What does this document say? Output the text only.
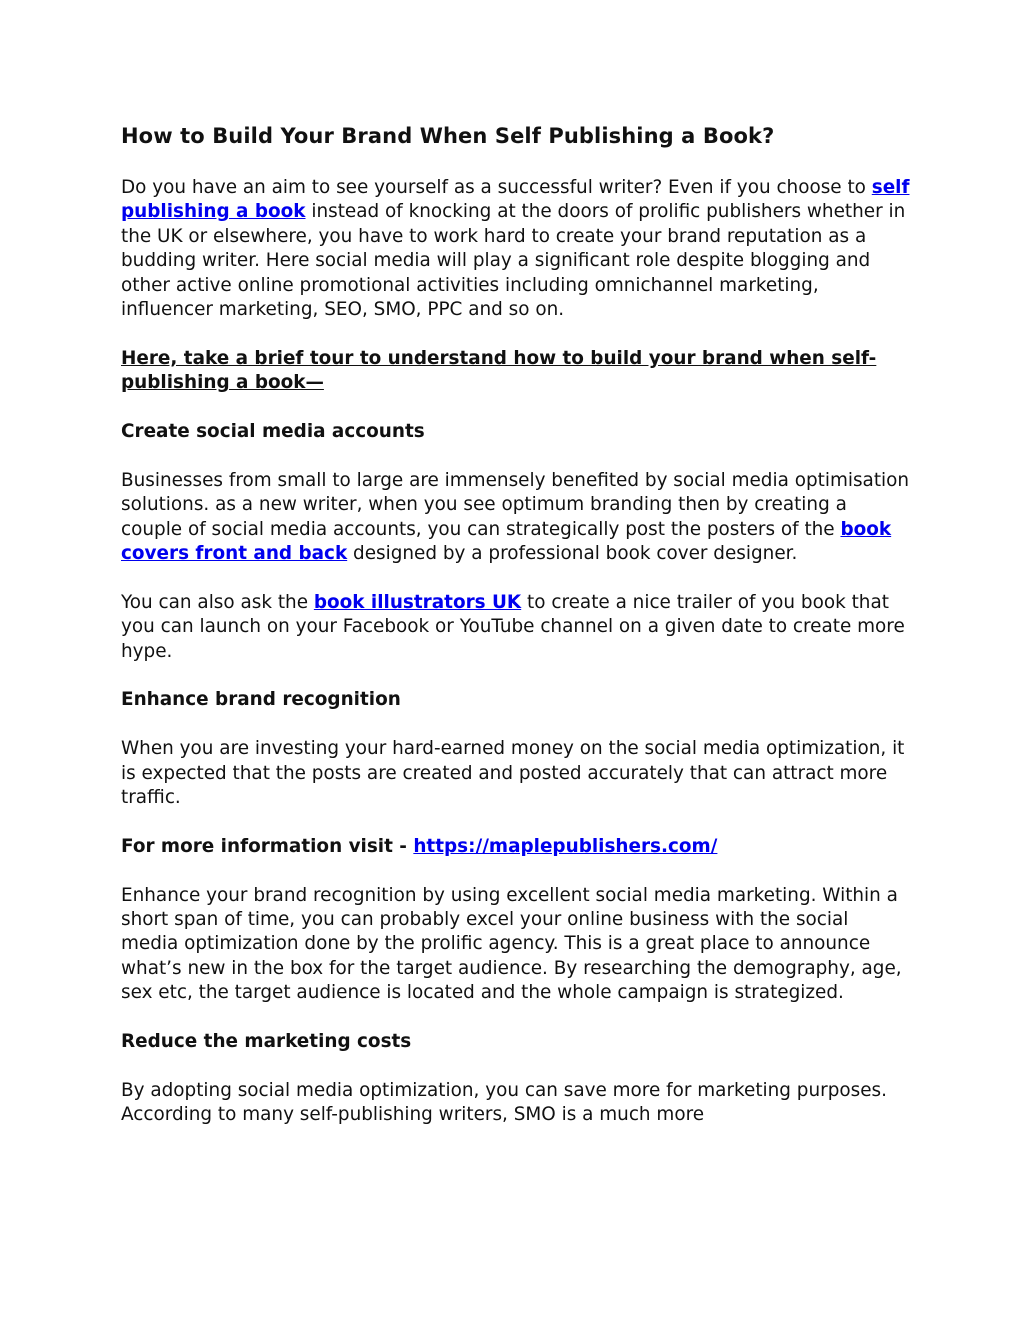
How to Build Your Brand When Self Publishing a Book?

Do you have an aim to see yourself as a successful writer? Even if you choose to self publishing a book instead of knocking at the doors of prolific publishers whether in the UK or elsewhere, you have to work hard to create your brand reputation as a budding writer. Here social media will play a significant role despite blogging and other active online promotional activities including omnichannel marketing, influencer marketing, SEO, SMO, PPC and so on.

Here, take a brief tour to understand how to build your brand when self-publishing a book—

Create social media accounts

Businesses from small to large are immensely benefited by social media optimisation solutions. as a new writer, when you see optimum branding then by creating a couple of social media accounts, you can strategically post the posters of the book covers front and back designed by a professional book cover designer.

You can also ask the book illustrators UK to create a nice trailer of you book that you can launch on your Facebook or YouTube channel on a given date to create more hype.

Enhance brand recognition

When you are investing your hard-earned money on the social media optimization, it is expected that the posts are created and posted accurately that can attract more traffic.

For more information visit - https://maplepublishers.com/

Enhance your brand recognition by using excellent social media marketing. Within a short span of time, you can probably excel your online business with the social media optimization done by the prolific agency. This is a great place to announce what’s new in the box for the target audience. By researching the demography, age, sex etc, the target audience is located and the whole campaign is strategized.

Reduce the marketing costs

By adopting social media optimization, you can save more for marketing purposes. According to many self-publishing writers, SMO is a much more
